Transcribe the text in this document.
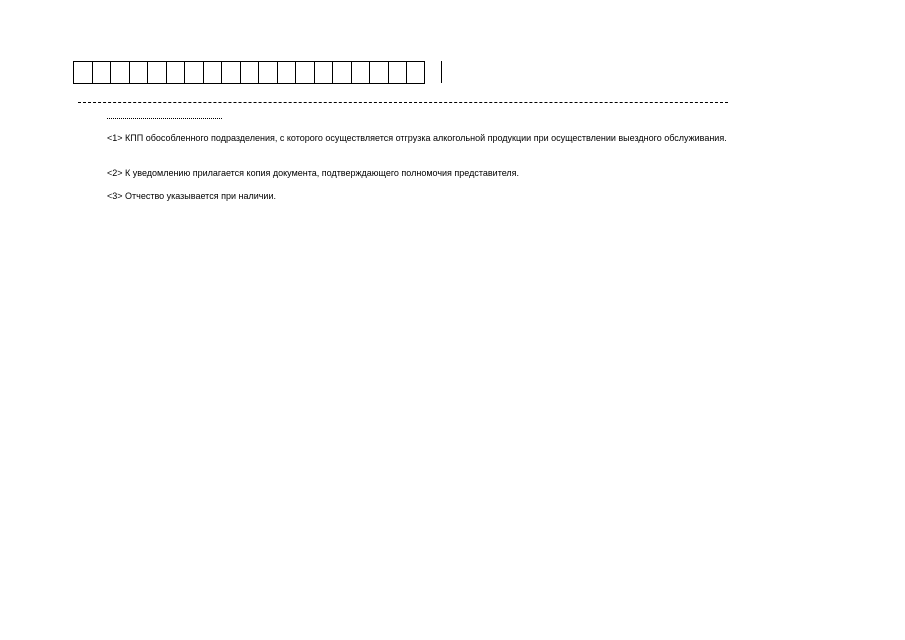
<1> КПП обособленного подразделения, с которого осуществляется отгрузка алкогольной продукции при осуществлении выездного обслуживания.

<2> К уведомлению прилагается копия документа, подтверждающего полномочия представителя.

<3> Отчество указывается при наличии.
